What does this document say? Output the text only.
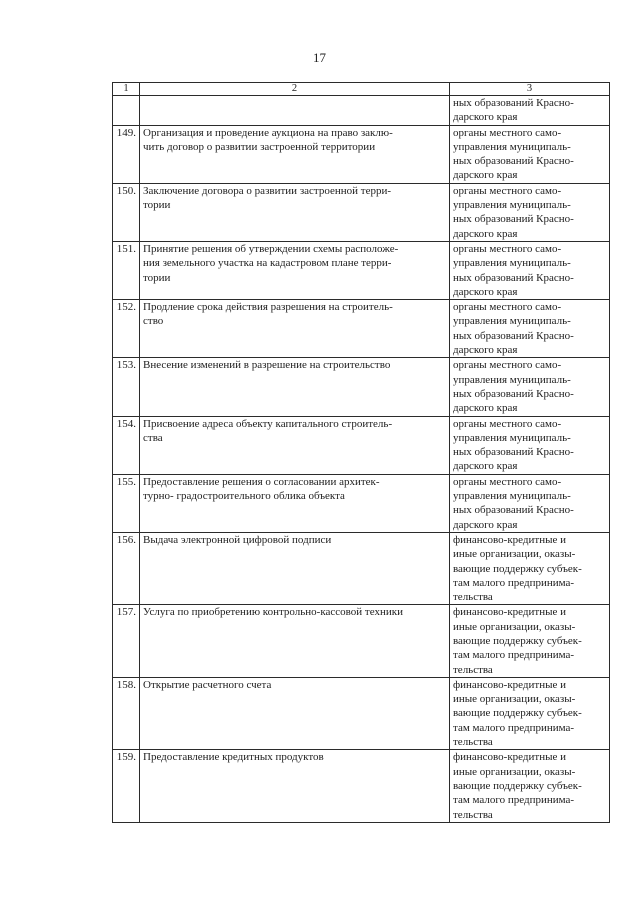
17
1	2	3

		ных образований Красно-
дарского края

149.	Организация и проведение аукциона на право заклю-
чить договор о развитии застроенной территории	органы местного само-
управления муниципаль-
ных образований Красно-
дарского края

150.	Заключение договора о развитии застроенной терри-
тории	органы местного само-
управления муниципаль-
ных образований Красно-
дарского края

151.	Принятие решения об утверждении схемы расположе-
ния земельного участка на кадастровом плане терри-
тории	органы местного само-
управления муниципаль-
ных образований Красно-
дарского края

152.	Продление срока действия разрешения на строитель-
ство	органы местного само-
управления муниципаль-
ных образований Красно-
дарского края

153.	Внесение изменений в разрешение на строительство	органы местного само-
управления муниципаль-
ных образований Красно-
дарского края

154.	Присвоение адреса объекту капитального строитель-
ства	органы местного само-
управления муниципаль-
ных образований Красно-
дарского края

155.	Предоставление решения о согласовании архитек-
турно- градостроительного облика объекта	органы местного само-
управления муниципаль-
ных образований Красно-
дарского края

156.	Выдача электронной цифровой подписи	финансово-кредитные и
иные организации, оказы-
вающие поддержку субъек-
там малого предпринима-
тельства

157.	Услуга по приобретению контрольно-кассовой техники	финансово-кредитные и
иные организации, оказы-
вающие поддержку субъек-
там малого предпринима-
тельства

158.	Открытие расчетного счета	финансово-кредитные и
иные организации, оказы-
вающие поддержку субъек-
там малого предпринима-
тельства

159.	Предоставление кредитных продуктов	финансово-кредитные и
иные организации, оказы-
вающие поддержку субъек-
там малого предпринима-
тельства
